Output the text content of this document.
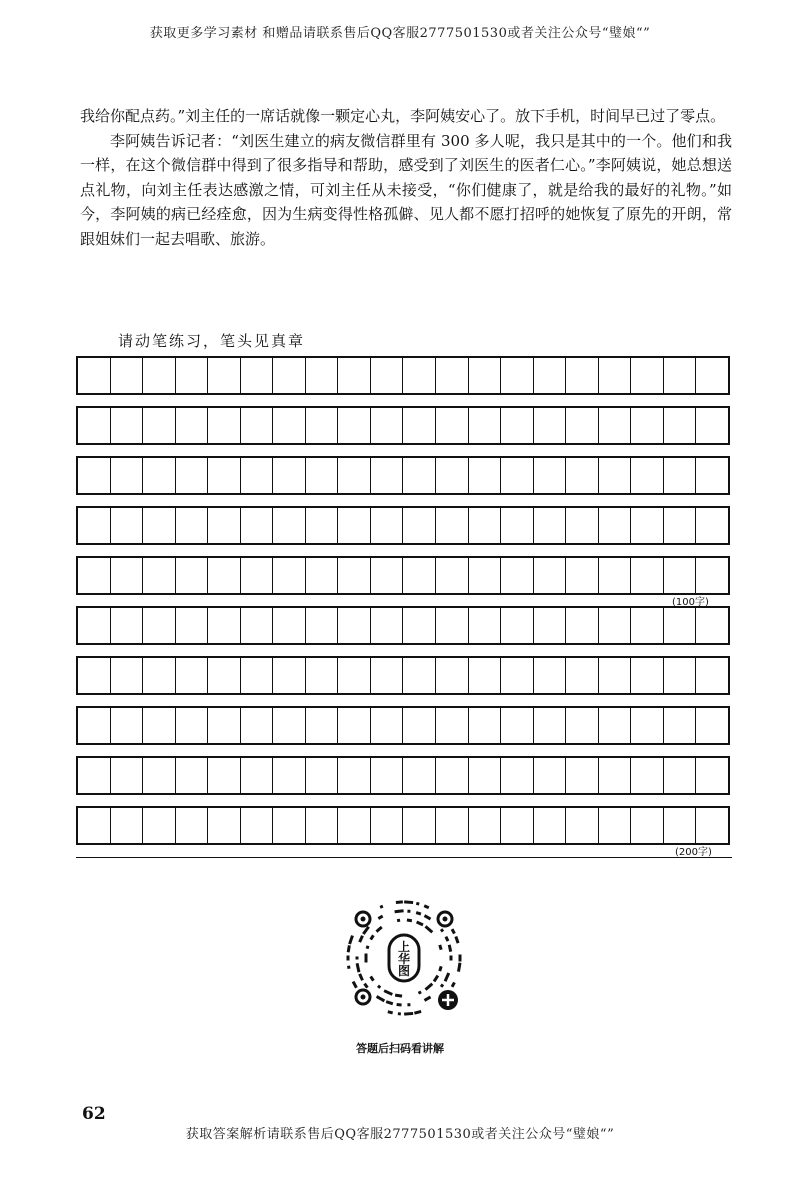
获取更多学习素材 和赠品请联系售后QQ客服2777501530或者关注公众号“璧娘“”

我给你配点药。”刘主任的一席话就像一颗定心丸，李阿姨安心了。放下手机，时间早已过了零点。

李阿姨告诉记者：“刘医生建立的病友微信群里有 300 多人呢，我只是其中的一个。他们和我一样，在这个微信群中得到了很多指导和帮助，感受到了刘医生的医者仁心。”李阿姨说，她总想送点礼物，向刘主任表达感激之情，可刘主任从未接受，“你们健康了，就是给我的最好的礼物。”如今，李阿姨的病已经痊愈，因为生病变得性格孤僻、见人都不愿打招呼的她恢复了原先的开朗，常跟姐妹们一起去唱歌、旅游。

请动笔练习，笔头见真章
(100字)
(200字)
上
华
图
答题后扫码看讲解
62
获取答案解析请联系售后QQ客服2777501530或者关注公众号“璧娘“”
